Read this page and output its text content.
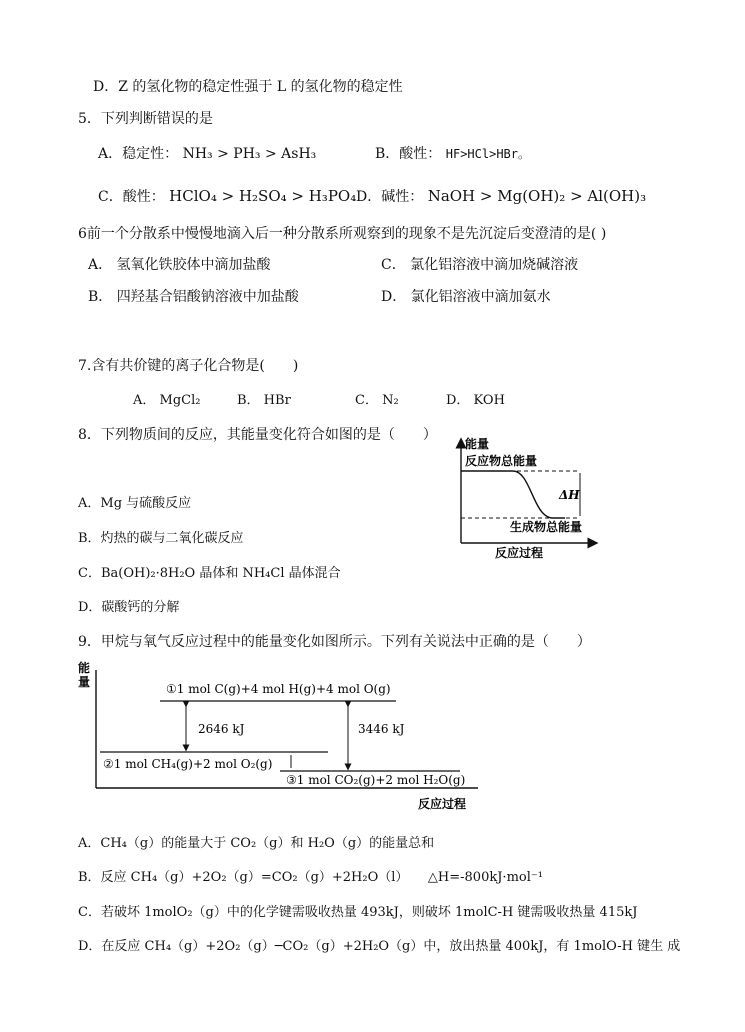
D．Z 的氢化物的稳定性强于 L 的氢化物的稳定性
5．下列判断错误的是
A．稳定性： NH₃ > PH₃ > AsH₃	B．酸性： HF>HCl>HBr。
C．酸性： HClO₄ > H₂SO₄ > H₃PO₄ D．碱性： NaOH > Mg(OH)₂ > Al(OH)₃
6前一个分散系中慢慢地滴入后一种分散系所观察到的现象不是先沉淀后变澄清的是( )
A． 氢氧化铁胶体中滴加盐酸	C． 氯化铝溶液中滴加烧碱溶液
B． 四羟基合铝酸钠溶液中加盐酸	D． 氯化铝溶液中滴加氨水
7.含有共价键的离子化合物是(　　)
A． MgCl₂	B． HBr	C． N₂	D． KOH
8．下列物质间的反应，其能量变化符合如图的是（　　）
A．Mg 与硫酸反应
B．灼热的碳与二氧化碳反应
C．Ba(OH)₂·8H₂O 晶体和 NH₄Cl 晶体混合
D．碳酸钙的分解
能量
反应物总能量
ΔH
生成物总能量
反应过程
9．甲烷与氧气反应过程中的能量变化如图所示。下列有关说法中正确的是（　　）
能
量
能量
①1 mol C(g)+4 mol H(g)+4 mol O(g)
②1 mol CH₄(g)+2 mol O₂(g)
③1 mol CO₂(g)+2 mol H₂O(g)
2646 kJ	3446 kJ
反应过程
A．CH₄（g）的能量大于 CO₂（g）和 H₂O（g）的能量总和
B．反应 CH₄（g）+2O₂（g）=CO₂（g）+2H₂O（l）　　△H=-800kJ·mol⁻¹
C．若破坏 1molO₂（g）中的化学键需吸收热量 493kJ，则破坏 1molC-H 键需吸收热量 415kJ
D．在反应 CH₄（g）+2O₂（g）─CO₂（g）+2H₂O（g）中，放出热量 400kJ，有 1molO-H 键生 成
